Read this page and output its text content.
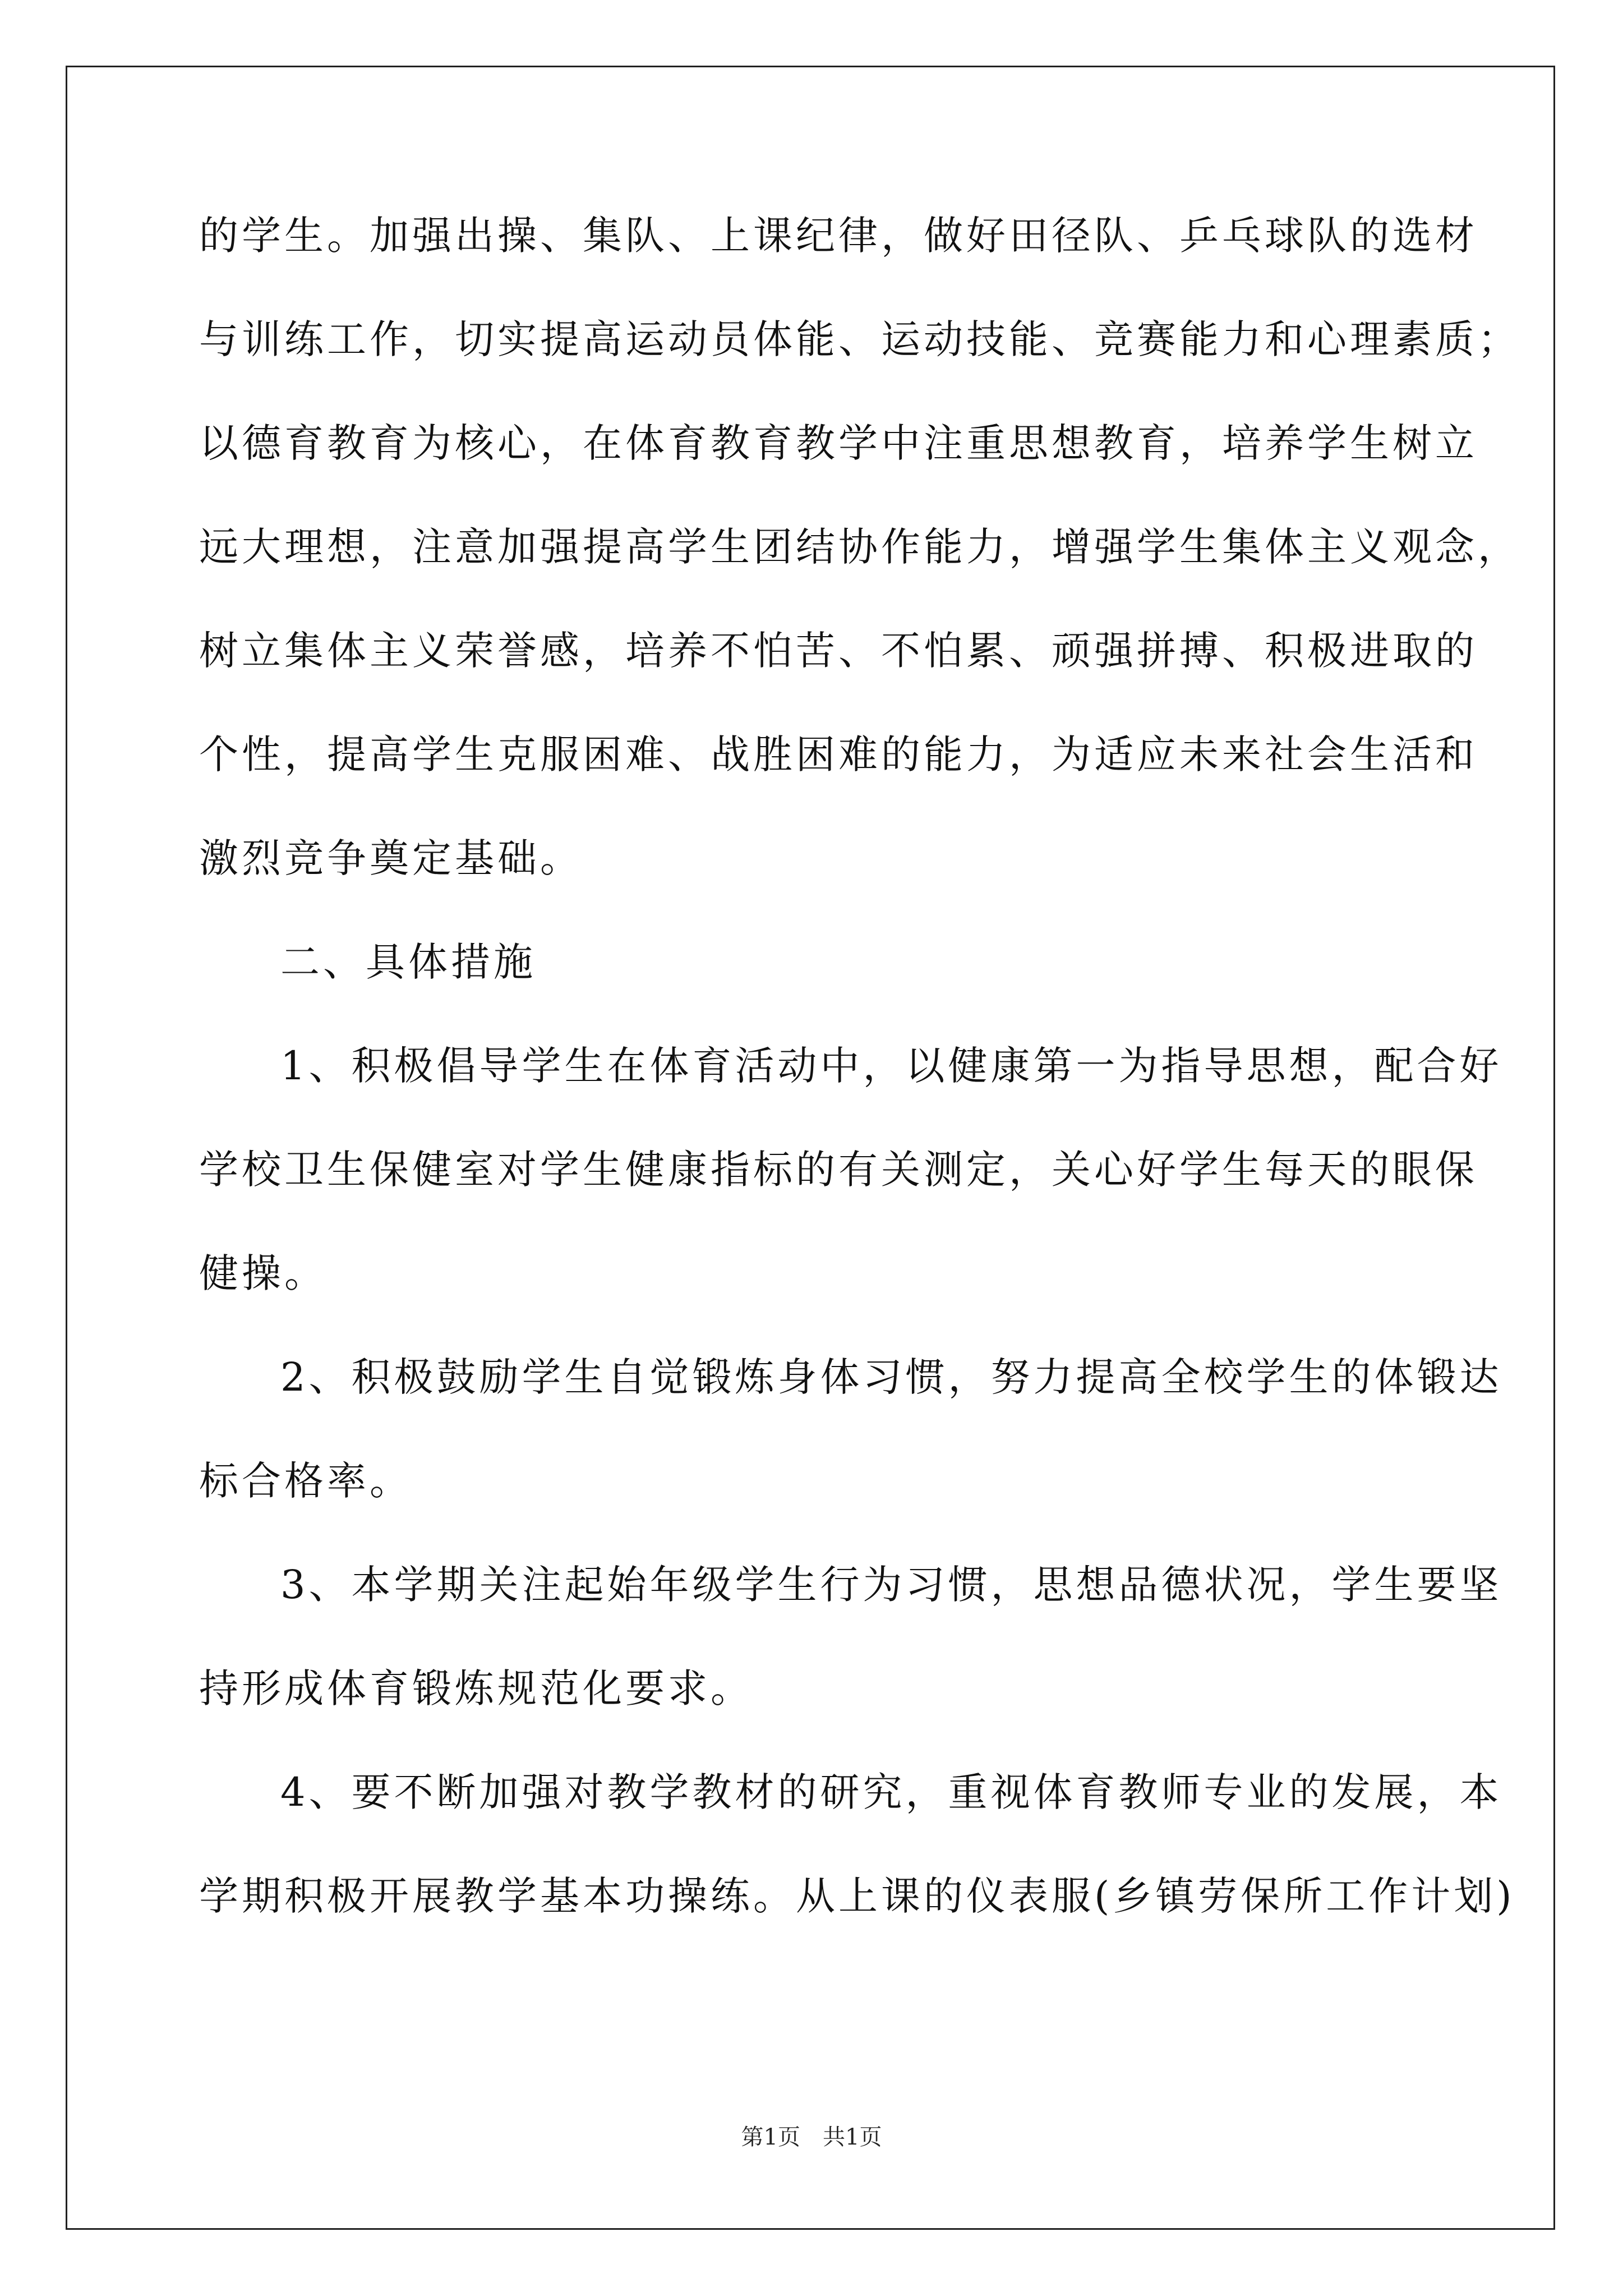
的学生。加强出操、集队、上课纪律，做好田径队、乒乓球队的选材
与训练工作，切实提高运动员体能、运动技能、竞赛能力和心理素质；
以德育教育为核心，在体育教育教学中注重思想教育，培养学生树立
远大理想，注意加强提高学生团结协作能力，增强学生集体主义观念，
树立集体主义荣誉感，培养不怕苦、不怕累、顽强拼搏、积极进取的
个性，提高学生克服困难、战胜困难的能力，为适应未来社会生活和
激烈竞争奠定基础。
二、具体措施
1、积极倡导学生在体育活动中，以健康第一为指导思想，配合好
学校卫生保健室对学生健康指标的有关测定，关心好学生每天的眼保
健操。
2、积极鼓励学生自觉锻炼身体习惯，努力提高全校学生的体锻达
标合格率。
3、本学期关注起始年级学生行为习惯，思想品德状况，学生要坚
持形成体育锻炼规范化要求。
4、要不断加强对教学教材的研究，重视体育教师专业的发展，本
学期积极开展教学基本功操练。从上课的仪表服(乡镇劳保所工作计划)
第1页　共1页
